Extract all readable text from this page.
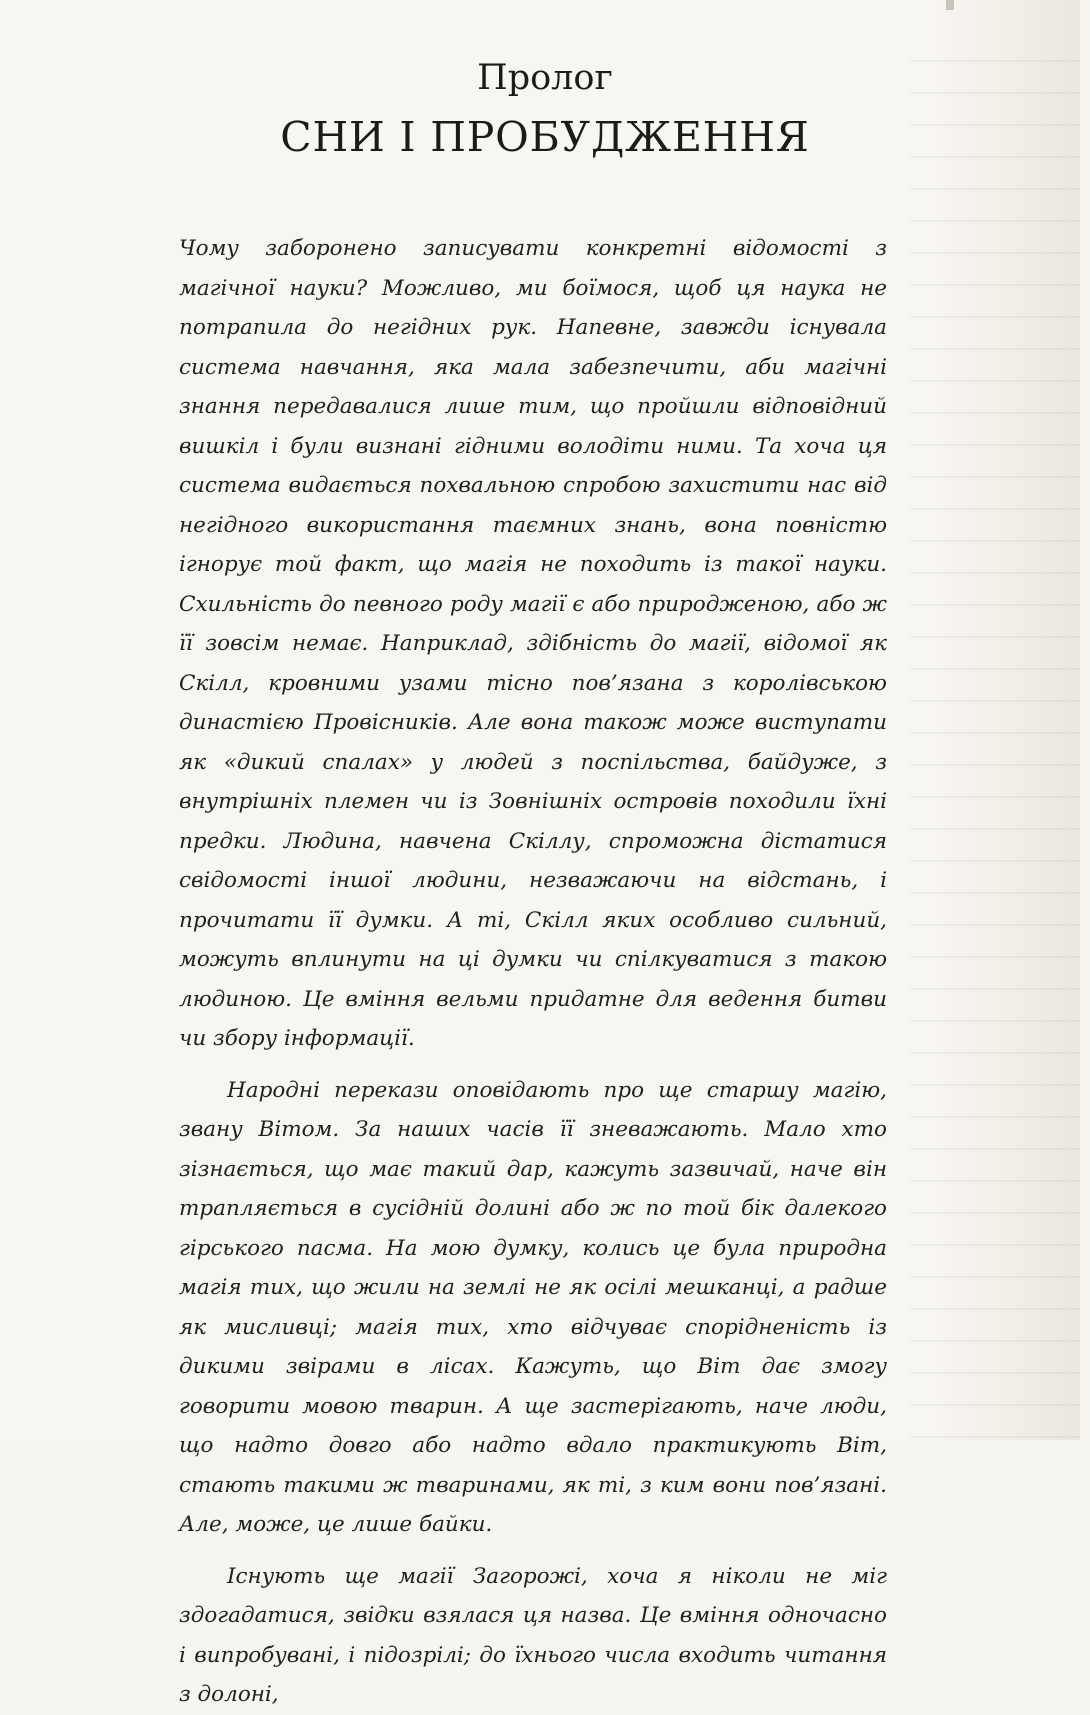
Пролог
СНИ І ПРОБУДЖЕННЯ

Чому заборонено записувати конкретні відомості з магічної науки? Можливо, ми боїмося, щоб ця наука не потрапила до негідних рук. Напевне, завжди існувала система навчання, яка мала забезпечити, аби магічні знання передавалися лише тим, що пройшли відповідний вишкіл і були визнані гідними володіти ними. Та хоча ця система видається похвальною спробою захистити нас від негідного використання таємних знань, вона повністю ігнорує той факт, що магія не походить із такої науки. Схильність до певного роду магії є або природженою, або ж її зовсім немає. Наприклад, здібність до магії, відомої як Скілл, кровними узами тісно пов’язана з королівською династією Провісників. Але вона також може виступати як «дикий спалах» у людей з поспільства, байдуже, з внутрішніх племен чи із Зовнішніх островів походили їхні предки. Людина, навчена Скіллу, спроможна дістатися свідомості іншої людини, незважаючи на відстань, і прочитати її думки. А ті, Скілл яких особливо сильний, можуть вплинути на ці думки чи спілкуватися з такою людиною. Це вміння вельми придатне для ведення битви чи збору інформації.

Народні перекази оповідають про ще старшу магію, звану Вітом. За наших часів її зневажають. Мало хто зізнається, що має такий дар, кажуть зазвичай, наче він трапляється в сусідній долині або ж по той бік далекого гірського пасма. На мою думку, колись це була природна магія тих, що жили на землі не як осілі мешканці, а радше як мисливці; магія тих, хто відчуває спорідненість із дикими звірами в лісах. Кажуть, що Віт дає змогу говорити мовою тварин. А ще застерігають, наче люди, що надто довго або надто вдало практикують Віт, стають такими ж тваринами, як ті, з ким вони пов’язані. Але, може, це лише байки.

Існують ще магії Загорожі, хоча я ніколи не міг здогадатися, звідки взялася ця назва. Це вміння одночасно і випробувані, і підозрілі; до їхнього числа входить читання з долоні,
